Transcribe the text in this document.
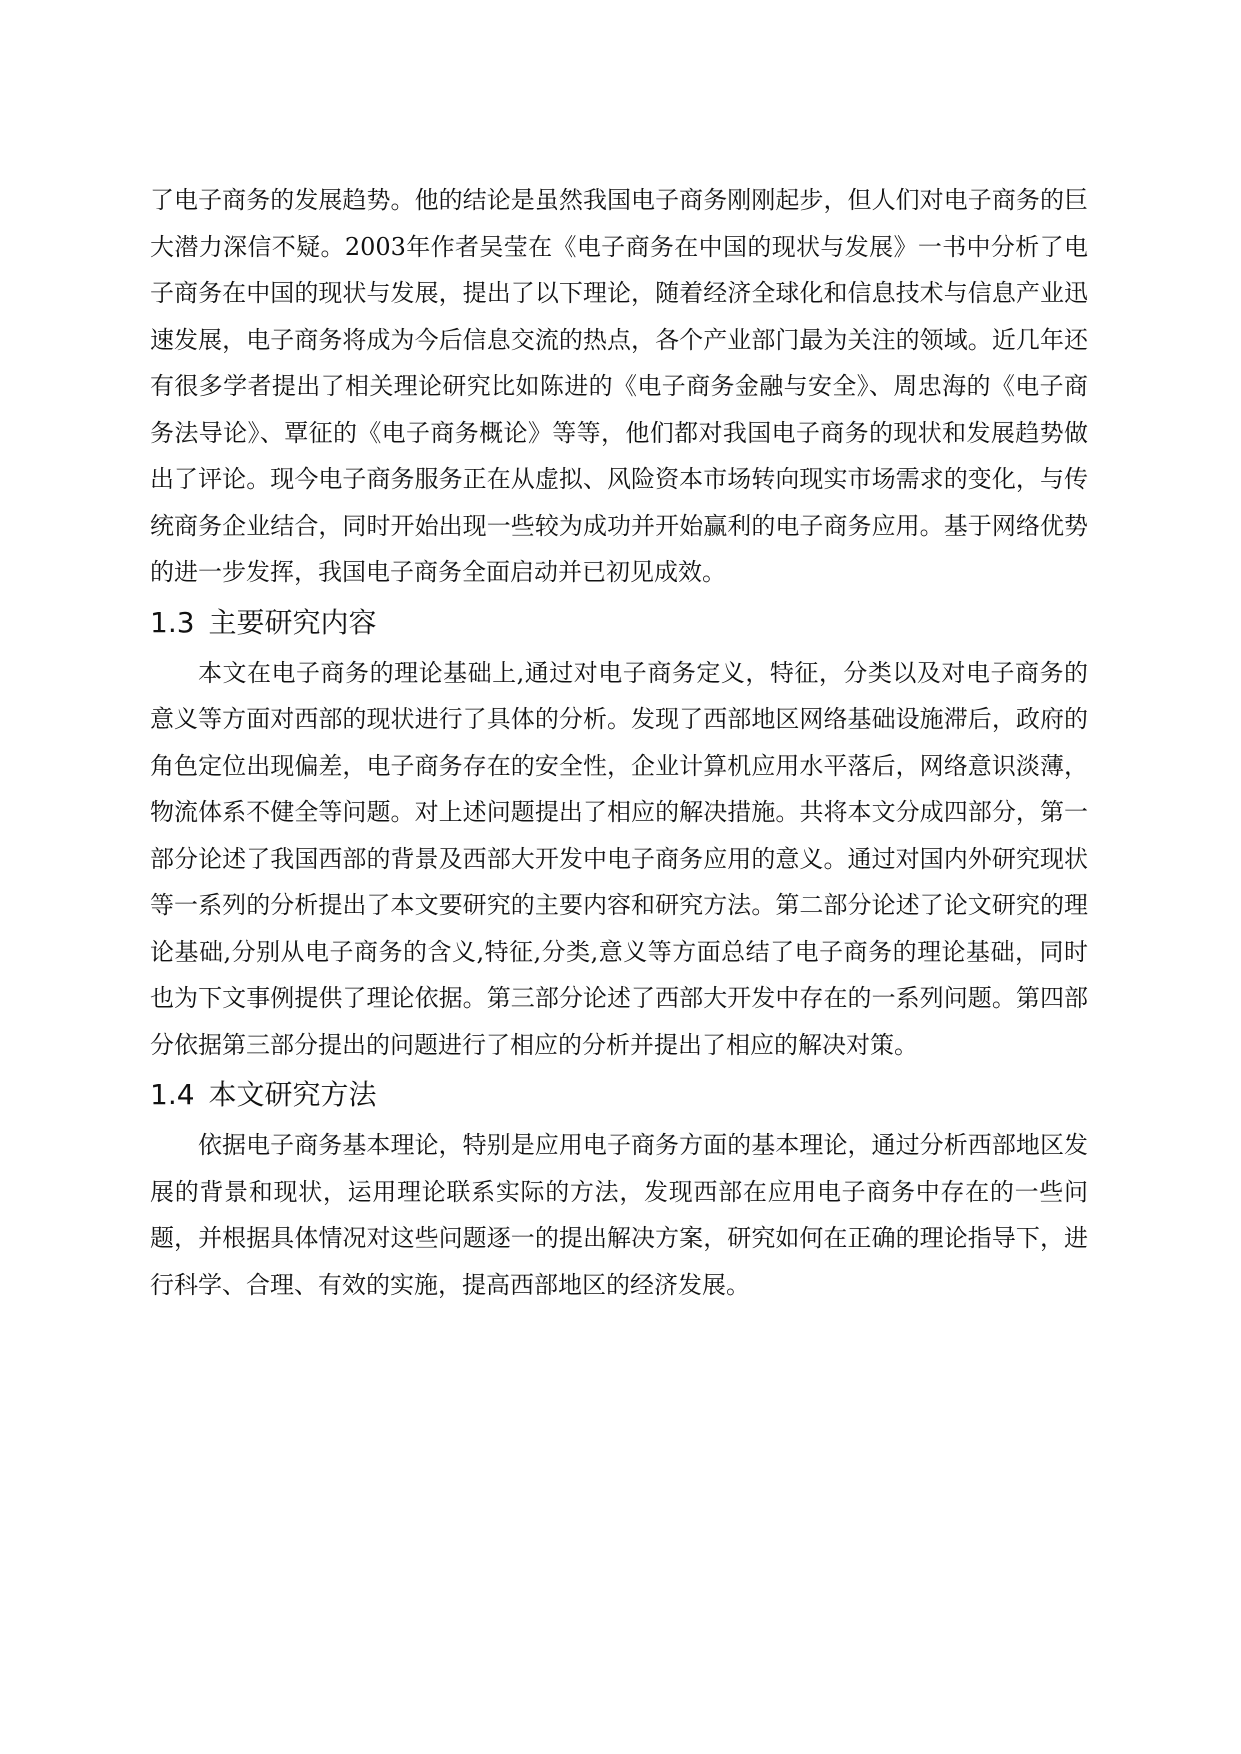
了电子商务的发展趋势。他的结论是虽然我国电子商务刚刚起步，但人们对电子商务的巨大潜力深信不疑。2003年作者吴莹在《电子商务在中国的现状与发展》一书中分析了电子商务在中国的现状与发展，提出了以下理论，随着经济全球化和信息技术与信息产业迅速发展，电子商务将成为今后信息交流的热点，各个产业部门最为关注的领域。近几年还有很多学者提出了相关理论研究比如陈进的《电子商务金融与安全》、周忠海的《电子商务法导论》、覃征的《电子商务概论》等等，他们都对我国电子商务的现状和发展趋势做出了评论。现今电子商务服务正在从虚拟、风险资本市场转向现实市场需求的变化，与传统商务企业结合，同时开始出现一些较为成功并开始赢利的电子商务应用。基于网络优势的进一步发挥，我国电子商务全面启动并已初见成效。

1.3 主要研究内容

本文在电子商务的理论基础上,通过对电子商务定义，特征，分类以及对电子商务的意义等方面对西部的现状进行了具体的分析。发现了西部地区网络基础设施滞后，政府的角色定位出现偏差，电子商务存在的安全性，企业计算机应用水平落后，网络意识淡薄，物流体系不健全等问题。对上述问题提出了相应的解决措施。共将本文分成四部分，第一部分论述了我国西部的背景及西部大开发中电子商务应用的意义。通过对国内外研究现状等一系列的分析提出了本文要研究的主要内容和研究方法。第二部分论述了论文研究的理论基础,分别从电子商务的含义,特征,分类,意义等方面总结了电子商务的理论基础，同时也为下文事例提供了理论依据。第三部分论述了西部大开发中存在的一系列问题。第四部分依据第三部分提出的问题进行了相应的分析并提出了相应的解决对策。

1.4 本文研究方法

依据电子商务基本理论，特别是应用电子商务方面的基本理论，通过分析西部地区发展的背景和现状，运用理论联系实际的方法，发现西部在应用电子商务中存在的一些问题，并根据具体情况对这些问题逐一的提出解决方案，研究如何在正确的理论指导下，进行科学、合理、有效的实施，提高西部地区的经济发展。
